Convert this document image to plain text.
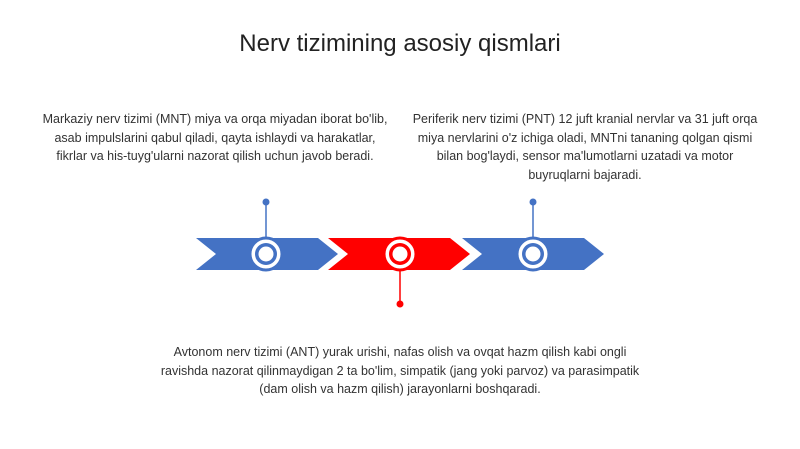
Nerv tizimining asosiy qismlari
Markaziy nerv tizimi (MNT) miya va orqa miyadan iborat bo'lib, asab impulslarini qabul qiladi, qayta ishlaydi va harakatlar, fikrlar va his-tuyg'ularni nazorat qilish uchun javob beradi.
Periferik nerv tizimi (PNT) 12 juft kranial nervlar va 31 juft orqa miya nervlarini o'z ichiga oladi, MNTni tananing qolgan qismi bilan bog'laydi, sensor ma'lumotlarni uzatadi va motor buyruqlarni bajaradi.
Avtonom nerv tizimi (ANT) yurak urishi, nafas olish va ovqat hazm qilish kabi ongli ravishda nazorat qilinmaydigan 2 ta bo'lim, simpatik (jang yoki parvoz) va parasimpatik (dam olish va hazm qilish) jarayonlarni boshqaradi.
